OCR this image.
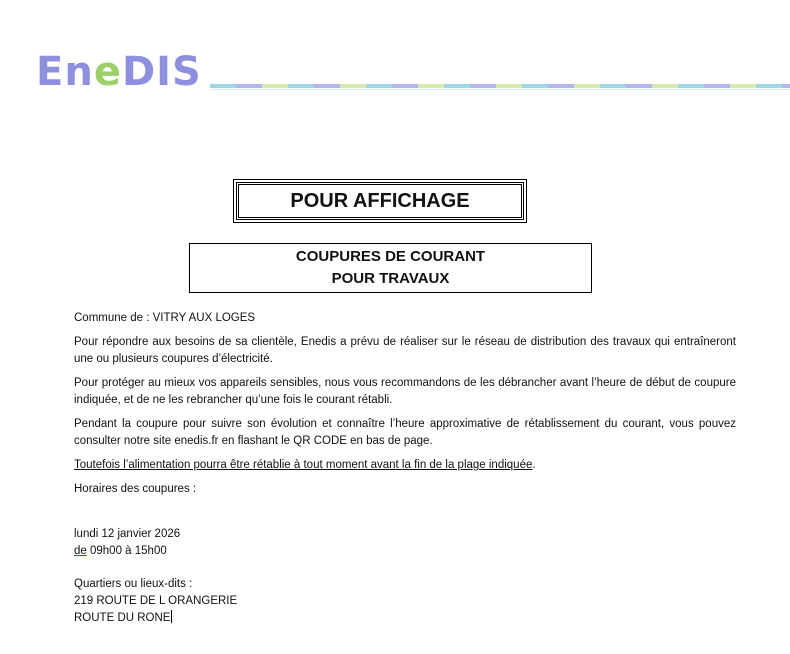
EneDIS
POUR AFFICHAGE
COUPURES DE COURANT
POUR TRAVAUX

Commune de : VITRY AUX LOGES

Pour répondre aux besoins de sa clientèle, Enedis a prévu de réaliser sur le réseau de distribution des travaux qui entraîneront une ou plusieurs coupures d’électricité.

Pour protéger au mieux vos appareils sensibles, nous vous recommandons de les débrancher avant l’heure de début de coupure indiquée, et de ne les rebrancher qu’une fois le courant rétabli.

Pendant la coupure pour suivre son évolution et connaître l’heure approximative de rétablissement du courant, vous pouvez consulter notre site enedis.fr en flashant le QR CODE en bas de page.

Toutefois l’alimentation pourra être rétablie à tout moment avant la fin de la plage indiquée.

Horaires des coupures :

lundi 12 janvier 2026
de 09h00 à 15h00
Quartiers ou lieux-dits :
219 ROUTE DE L ORANGERIE
ROUTE DU RONE
